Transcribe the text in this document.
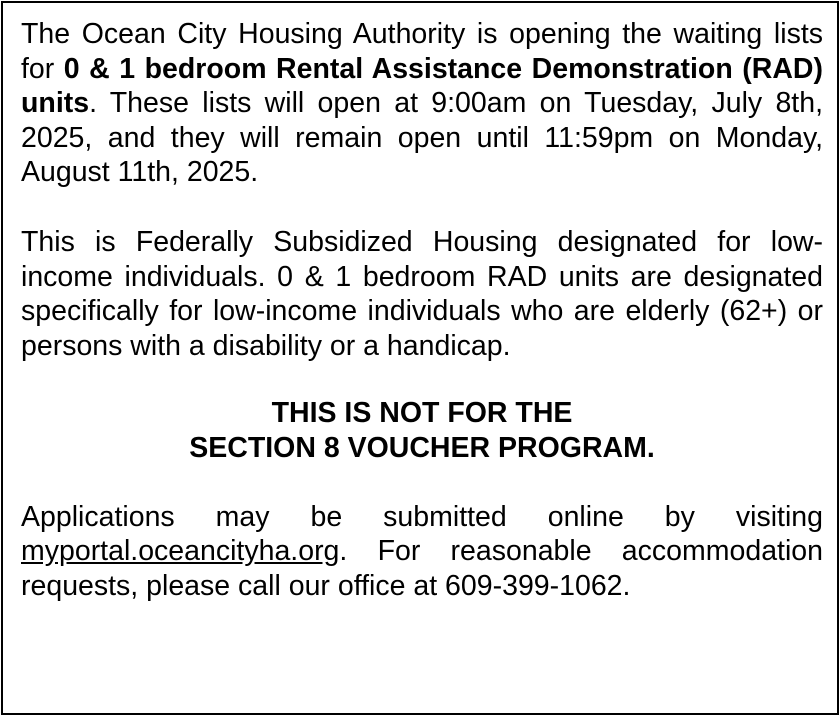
The Ocean City Housing Authority is opening the waiting lists for 0 & 1 bedroom Rental Assistance Demonstration (RAD) units. These lists will open at 9:00am on Tuesday, July 8th, 2025, and they will remain open until 11:59pm on Monday, August 11th, 2025.

This is Federally Subsidized Housing designated for low-income individuals. 0 & 1 bedroom RAD units are designated specifically for low-income individuals who are elderly (62+) or persons with a disability or a handicap.

THIS IS NOT FOR THE

SECTION 8 VOUCHER PROGRAM.

Applications may be submitted online by visiting myportal.oceancityha.org. For reasonable accommodation requests, please call our office at 609-399-1062.
